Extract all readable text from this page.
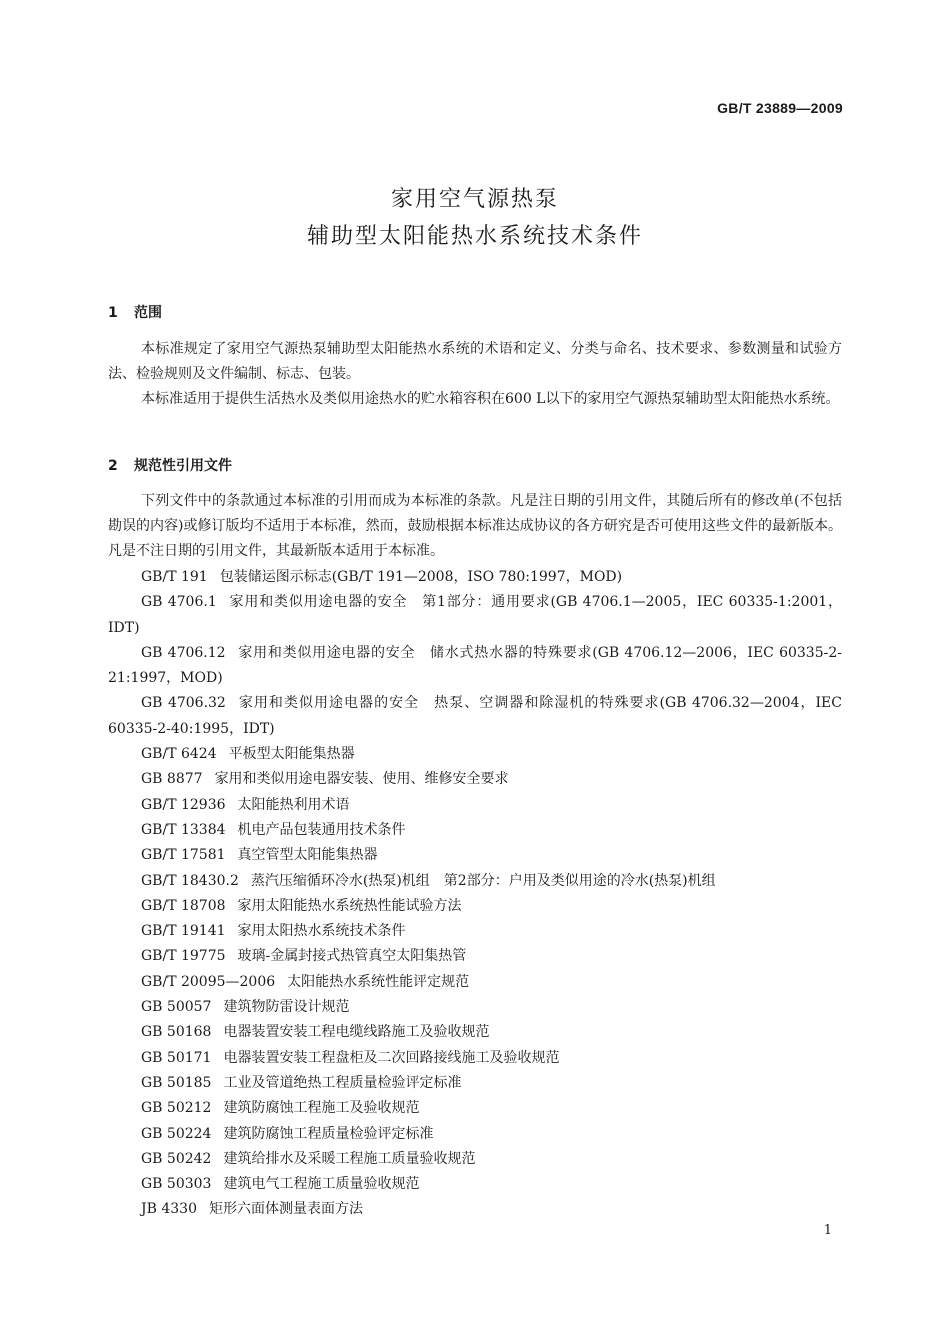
GB/T 23889—2009
家用空气源热泵
辅助型太阳能热水系统技术条件
1 范围

本标准规定了家用空气源热泵辅助型太阳能热水系统的术语和定义、分类与命名、技术要求、参数测量和试验方法、检验规则及文件编制、标志、包装。

本标准适用于提供生活热水及类似用途热水的贮水箱容积在600 L以下的家用空气源热泵辅助型太阳能热水系统。

2 规范性引用文件

下列文件中的条款通过本标准的引用而成为本标准的条款。凡是注日期的引用文件，其随后所有的修改单(不包括勘误的内容)或修订版均不适用于本标准，然而，鼓励根据本标准达成协议的各方研究是否可使用这些文件的最新版本。凡是不注日期的引用文件，其最新版本适用于本标准。

GB/T 191 包装储运图示标志(GB/T 191—2008，ISO 780:1997，MOD)
GB 4706.1 家用和类似用途电器的安全　第1部分：通用要求(GB 4706.1—2005，IEC 60335-1:2001，IDT)
GB 4706.12 家用和类似用途电器的安全　储水式热水器的特殊要求(GB 4706.12—2006，IEC 60335-2-21:1997，MOD)
GB 4706.32 家用和类似用途电器的安全　热泵、空调器和除湿机的特殊要求(GB 4706.32—2004，IEC 60335-2-40:1995，IDT)
GB/T 6424 平板型太阳能集热器
GB 8877 家用和类似用途电器安装、使用、维修安全要求
GB/T 12936 太阳能热利用术语
GB/T 13384 机电产品包装通用技术条件
GB/T 17581 真空管型太阳能集热器
GB/T 18430.2 蒸汽压缩循环冷水(热泵)机组　第2部分：户用及类似用途的冷水(热泵)机组
GB/T 18708 家用太阳能热水系统热性能试验方法
GB/T 19141 家用太阳热水系统技术条件
GB/T 19775 玻璃-金属封接式热管真空太阳集热管
GB/T 20095—2006 太阳能热水系统性能评定规范
GB 50057 建筑物防雷设计规范
GB 50168 电器装置安装工程电缆线路施工及验收规范
GB 50171 电器装置安装工程盘柜及二次回路接线施工及验收规范
GB 50185 工业及管道绝热工程质量检验评定标准
GB 50212 建筑防腐蚀工程施工及验收规范
GB 50224 建筑防腐蚀工程质量检验评定标准
GB 50242 建筑给排水及采暖工程施工质量验收规范
GB 50303 建筑电气工程施工质量验收规范
JB 4330 矩形六面体测量表面方法
1
